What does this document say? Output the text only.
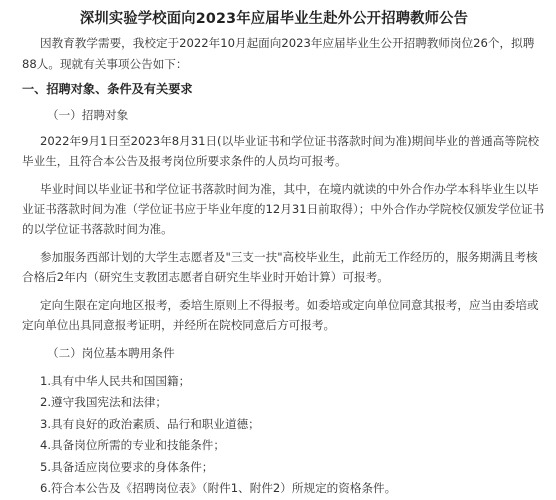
深圳实验学校面向2023年应届毕业生赴外公开招聘教师公告
因教育教学需要，我校定于2022年10月起面向2023年应届毕业生公开招聘教师岗位26个，拟聘
88人。现就有关事项公告如下：
一、招聘对象、条件及有关要求
（一）招聘对象
2022年9月1日至2023年8月31日(以毕业证书和学位证书落款时间为准)期间毕业的普通高等院校
毕业生，且符合本公告及报考岗位所要求条件的人员均可报考。
毕业时间以毕业证书和学位证书落款时间为准，其中，在境内就读的中外合作办学本科毕业生以毕
业证书落款时间为准（学位证书应于毕业年度的12月31日前取得）；中外合作办学院校仅颁发学位证书
的以学位证书落款时间为准。
参加服务西部计划的大学生志愿者及"三支一扶"高校毕业生，此前无工作经历的，服务期满且考核
合格后2年内（研究生支教团志愿者自研究生毕业时开始计算）可报考。
定向生限在定向地区报考，委培生原则上不得报考。如委培或定向单位同意其报考，应当由委培或
定向单位出具同意报考证明，并经所在院校同意后方可报考。
（二）岗位基本聘用条件
1.具有中华人民共和国国籍；
2.遵守我国宪法和法律；
3.具有良好的政治素质、品行和职业道德；
4.具备岗位所需的专业和技能条件；
5.具备适应岗位要求的身体条件；
6.符合本公告及《招聘岗位表》（附件1、附件2）所规定的资格条件。
